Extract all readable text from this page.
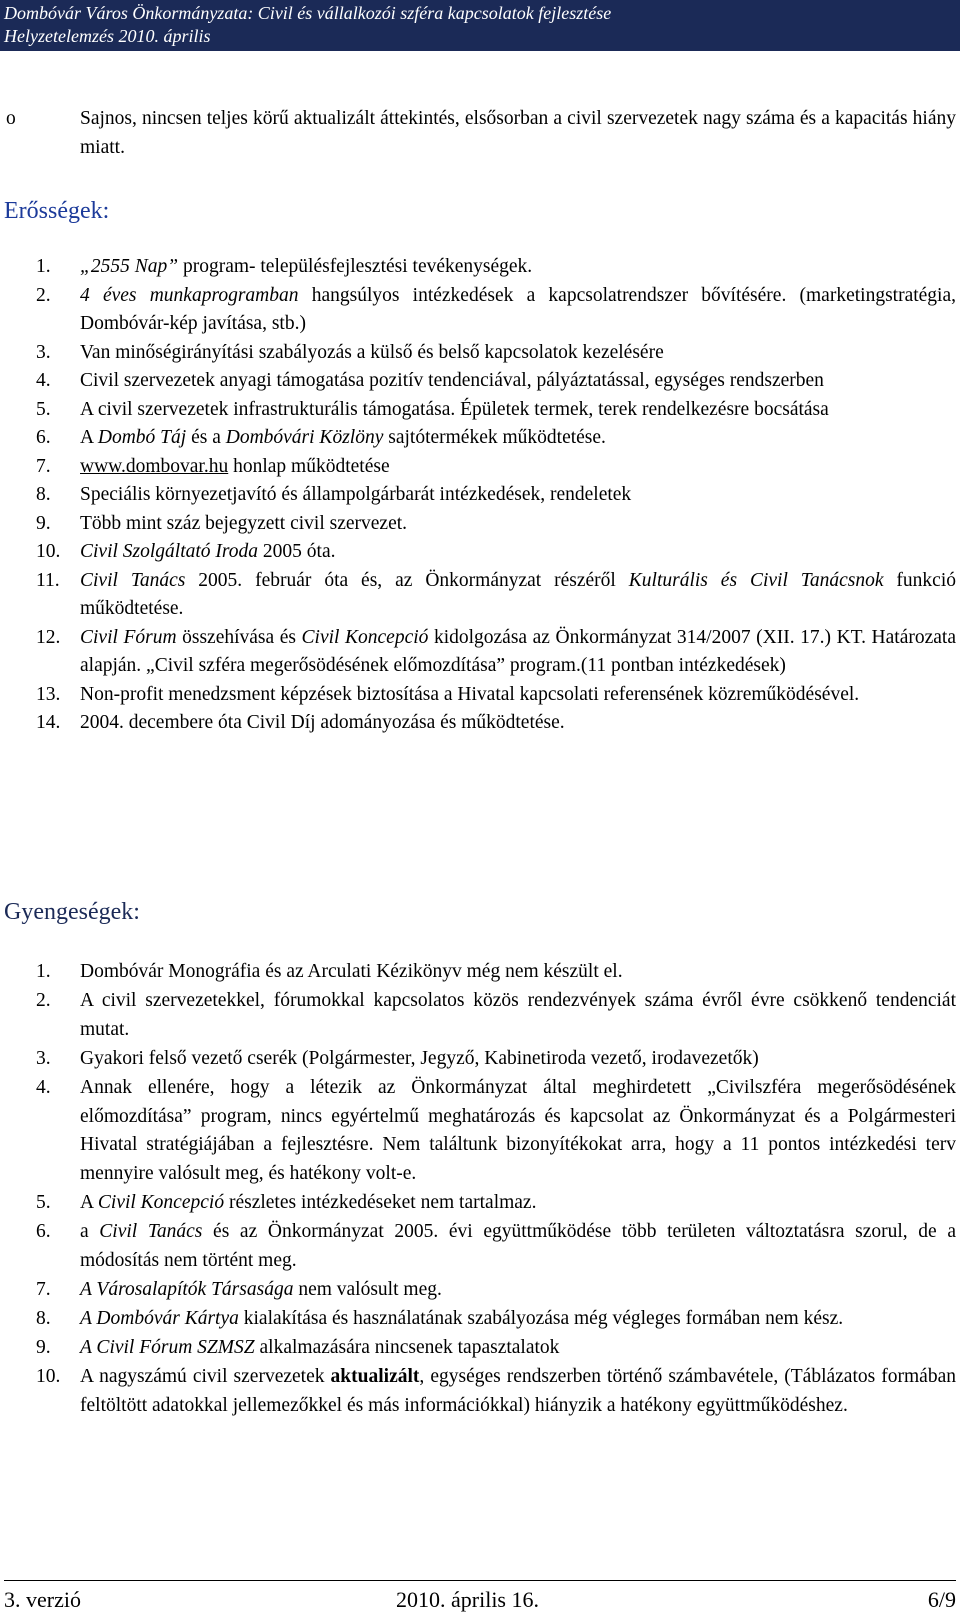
Dombóvár Város Önkormányzata: Civil és vállalkozói szféra kapcsolatok fejlesztése
Helyzetelemzés 2010. április
o	Sajnos, nincsen teljes körű aktualizált áttekintés, elsősorban a civil szervezetek nagy száma és a kapacitás hiány miatt.
Erősségek:
1. „2555 Nap” program- településfejlesztési tevékenységek.
2. 4 éves munkaprogramban hangsúlyos intézkedések a kapcsolatrendszer bővítésére. (marketingstratégia, Dombóvár-kép javítása, stb.)
3. Van minőségirányítási szabályozás a külső és belső kapcsolatok kezelésére
4. Civil szervezetek anyagi támogatása pozitív tendenciával, pályáztatással, egységes rendszerben
5. A civil szervezetek infrastrukturális támogatása. Épületek termek, terek rendelkezésre bocsátása
6. A Dombó Táj és a Dombóvári Közlöny sajtótermékek működtetése.
7. www.dombovar.hu honlap működtetése
8. Speciális környezetjavító és állampolgárbarát intézkedések, rendeletek
9. Több mint száz bejegyzett civil szervezet.
10. Civil Szolgáltató Iroda 2005 óta.
11. Civil Tanács 2005. február óta és, az Önkormányzat részéről Kulturális és Civil Tanácsnok funkció működtetése.
12. Civil Fórum összehívása és Civil Koncepció kidolgozása az Önkormányzat 314/2007 (XII. 17.) KT. Határozata alapján. „Civil szféra megerősödésének előmozdítása” program.(11 pontban intézkedések)
13. Non-profit menedzsment képzések biztosítása a Hivatal kapcsolati referensének közreműködésével.
14. 2004. decembere óta Civil Díj adományozása és működtetése.
Gyengeségek:
1. Dombóvár Monográfia és az Arculati Kézikönyv még nem készült el.
2. A civil szervezetekkel, fórumokkal kapcsolatos közös rendezvények száma évről évre csökkenő tendenciát mutat.
3. Gyakori felső vezető cserék (Polgármester, Jegyző, Kabinetiroda vezető, irodavezetők)
4. Annak ellenére, hogy a létezik az Önkormányzat által meghirdetett „Civilszféra megerősödésének előmozdítása” program, nincs egyértelmű meghatározás és kapcsolat az Önkormányzat és a Polgármesteri Hivatal stratégiájában a fejlesztésre. Nem találtunk bizonyítékokat arra, hogy a 11 pontos intézkedési terv mennyire valósult meg, és hatékony volt-e.
5. A Civil Koncepció részletes intézkedéseket nem tartalmaz.
6. a Civil Tanács és az Önkormányzat 2005. évi együttműködése több területen változtatásra szorul, de a módosítás nem történt meg.
7. A Városalapítók Társasága nem valósult meg.
8. A Dombóvár Kártya kialakítása és használatának szabályozása még végleges formában nem kész.
9. A Civil Fórum SZMSZ alkalmazására nincsenek tapasztalatok
10. A nagyszámú civil szervezetek aktualizált, egységes rendszerben történő számbavétele, (Táblázatos formában feltöltött adatokkal jellemezőkkel és más információkkal) hiányzik a hatékony együttműködéshez.
3. verzió	2010. április 16.	6/9
